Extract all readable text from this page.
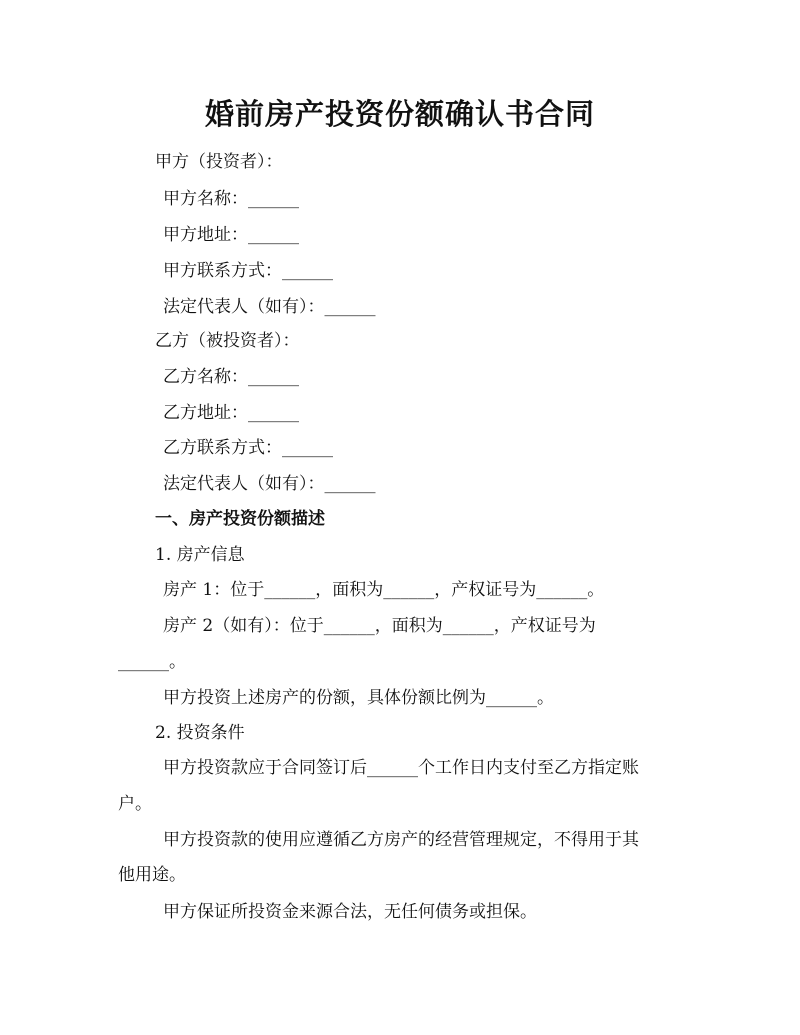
婚前房产投资份额确认书合同
甲方（投资者）：
甲方名称：______
甲方地址：______
甲方联系方式：______
法定代表人（如有）：______
乙方（被投资者）：
乙方名称：______
乙方地址：______
乙方联系方式：______
法定代表人（如有）：______
一、房产投资份额描述
1. 房产信息
房产 1：位于______，面积为______，产权证号为______。
房产 2（如有）：位于______，面积为______，产权证号为
______。
甲方投资上述房产的份额，具体份额比例为______。
2. 投资条件
甲方投资款应于合同签订后______个工作日内支付至乙方指定账
户。
甲方投资款的使用应遵循乙方房产的经营管理规定，不得用于其
他用途。
甲方保证所投资金来源合法，无任何债务或担保。
